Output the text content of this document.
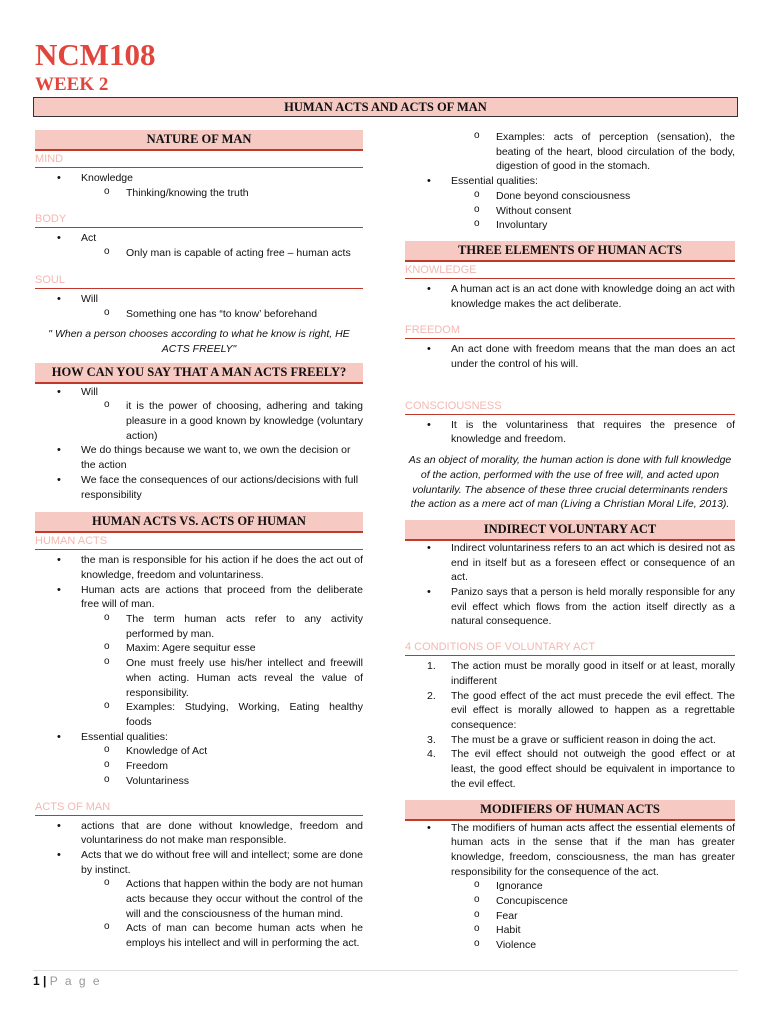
NCM108
WEEK 2
HUMAN ACTS AND ACTS OF MAN
NATURE OF MAN
MIND
• Knowledge
o Thinking/knowing the truth
BODY
• Act
o Only man is capable of acting free – human acts
SOUL
• Will
o Something one has “to know’ beforehand
" When a person chooses according to what he know is right, HE ACTS FREELY"
HOW CAN YOU SAY THAT A MAN ACTS FREELY?
• Will
o it is the power of choosing, adhering and taking pleasure in a good known by knowledge (voluntary action)
• We do things because we want to, we own the decision or the action
• We face the consequences of our actions/decisions with full responsibility
HUMAN ACTS VS. ACTS OF HUMAN
HUMAN ACTS
• the man is responsible for his action if he does the act out of knowledge, freedom and voluntariness.
• Human acts are actions that proceed from the deliberate free will of man.
o The term human acts refer to any activity performed by man.
o Maxim: Agere sequitur esse
o One must freely use his/her intellect and freewill when acting. Human acts reveal the value of responsibility.
o Examples: Studying, Working, Eating healthy foods
• Essential qualities:
o Knowledge of Act
o Freedom
o Voluntariness
ACTS OF MAN
• actions that are done without knowledge, freedom and voluntariness do not make man responsible.
• Acts that we do without free will and intellect; some are done by instinct.
o Actions that happen within the body are not human acts because they occur without the control of the will and the consciousness of the human mind.
o Acts of man can become human acts when he employs his intellect and will in performing the act.
o Examples: acts of perception (sensation), the beating of the heart, blood circulation of the body, digestion of good in the stomach.
• Essential qualities:
o Done beyond consciousness
o Without consent
o Involuntary
THREE ELEMENTS OF HUMAN ACTS
KNOWLEDGE
• A human act is an act done with knowledge doing an act with knowledge makes the act deliberate.
FREEDOM
• An act done with freedom means that the man does an act under the control of his will.
CONSCIOUSNESS
• It is the voluntariness that requires the presence of knowledge and freedom.
As an object of morality, the human action is done with full knowledge of the action, performed with the use of free will, and acted upon voluntarily. The absence of these three crucial determinants renders the action as a mere act of man (Living a Christian Moral Life, 2013).
INDIRECT VOLUNTARY ACT
• Indirect voluntariness refers to an act which is desired not as end in itself but as a foreseen effect or consequence of an act.
• Panizo says that a person is held morally responsible for any evil effect which flows from the action itself directly as a natural consequence.
4 CONDITIONS OF VOLUNTARY ACT
1. The action must be morally good in itself or at least, morally indifferent
2. The good effect of the act must precede the evil effect. The evil effect is morally allowed to happen as a regrettable consequence:
3. The must be a grave or sufficient reason in doing the act.
4. The evil effect should not outweigh the good effect or at least, the good effect should be equivalent in importance to the evil effect.
MODIFIERS OF HUMAN ACTS
• The modifiers of human acts affect the essential elements of human acts in the sense that if the man has greater knowledge, freedom, consciousness, the man has greater responsibility for the consequence of the act.
o Ignorance
o Concupiscence
o Fear
o Habit
o Violence
1 | P a g e
